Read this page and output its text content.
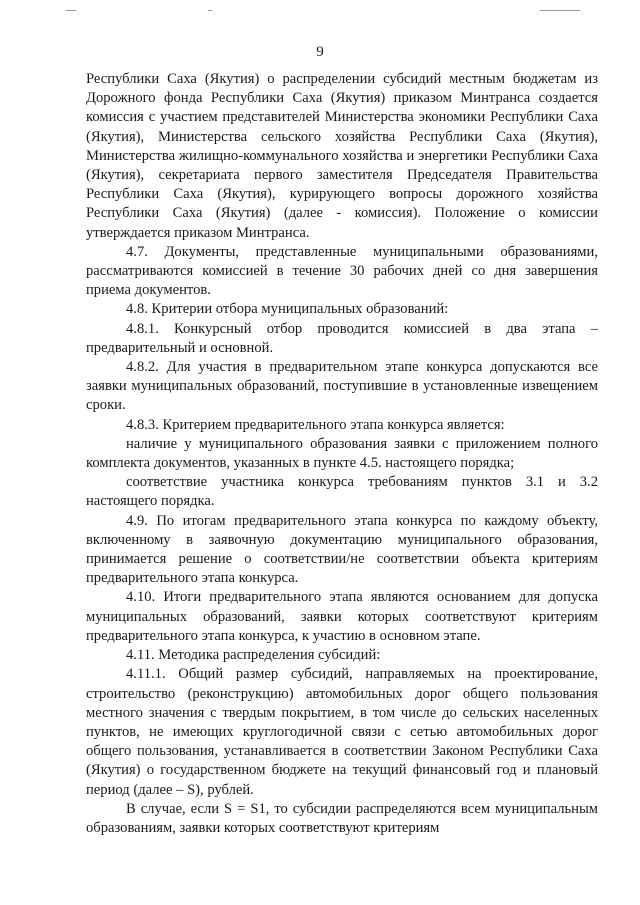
9

Республики Саха (Якутия) о распределении субсидий местным бюджетам из Дорожного фонда Республики Саха (Якутия) приказом Минтранса создается комиссия с участием представителей Министерства экономики Республики Саха (Якутия), Министерства сельского хозяйства Республики Саха (Якутия), Министерства жилищно-коммунального хозяйства и энергетики Республики Саха (Якутия), секретариата первого заместителя Председателя Правительства Республики Саха (Якутия), курирующего вопросы дорожного хозяйства Республики Саха (Якутия) (далее - комиссия). Положение о комиссии утверждается приказом Минтранса.

4.7. Документы, представленные муниципальными образованиями, рассматриваются комиссией в течение 30 рабочих дней со дня завершения приема документов.

4.8. Критерии отбора муниципальных образований:

4.8.1. Конкурсный отбор проводится комиссией в два этапа – предварительный и основной.

4.8.2. Для участия в предварительном этапе конкурса допускаются все заявки муниципальных образований, поступившие в установленные извещением сроки.

4.8.3. Критерием предварительного этапа конкурса является:

наличие у муниципального образования заявки с приложением полного комплекта документов, указанных в пункте 4.5. настоящего порядка;

соответствие участника конкурса требованиям пунктов 3.1 и 3.2 настоящего порядка.

4.9. По итогам предварительного этапа конкурса по каждому объекту, включенному в заявочную документацию муниципального образования, принимается решение о соответствии/не соответствии объекта критериям предварительного этапа конкурса.

4.10. Итоги предварительного этапа являются основанием для допуска муниципальных образований, заявки которых соответствуют критериям предварительного этапа конкурса, к участию в основном этапе.

4.11. Методика распределения субсидий:

4.11.1. Общий размер субсидий, направляемых на проектирование, строительство (реконструкцию) автомобильных дорог общего пользования местного значения с твердым покрытием, в том числе до сельских населенных пунктов, не имеющих круглогодичной связи с сетью автомобильных дорог общего пользования, устанавливается в соответствии Законом Республики Саха (Якутия) о государственном бюджете на текущий финансовый год и плановый период (далее – S), рублей.

В случае, если S = S1, то субсидии распределяются всем муниципальным образованиям, заявки которых соответствуют критериям
